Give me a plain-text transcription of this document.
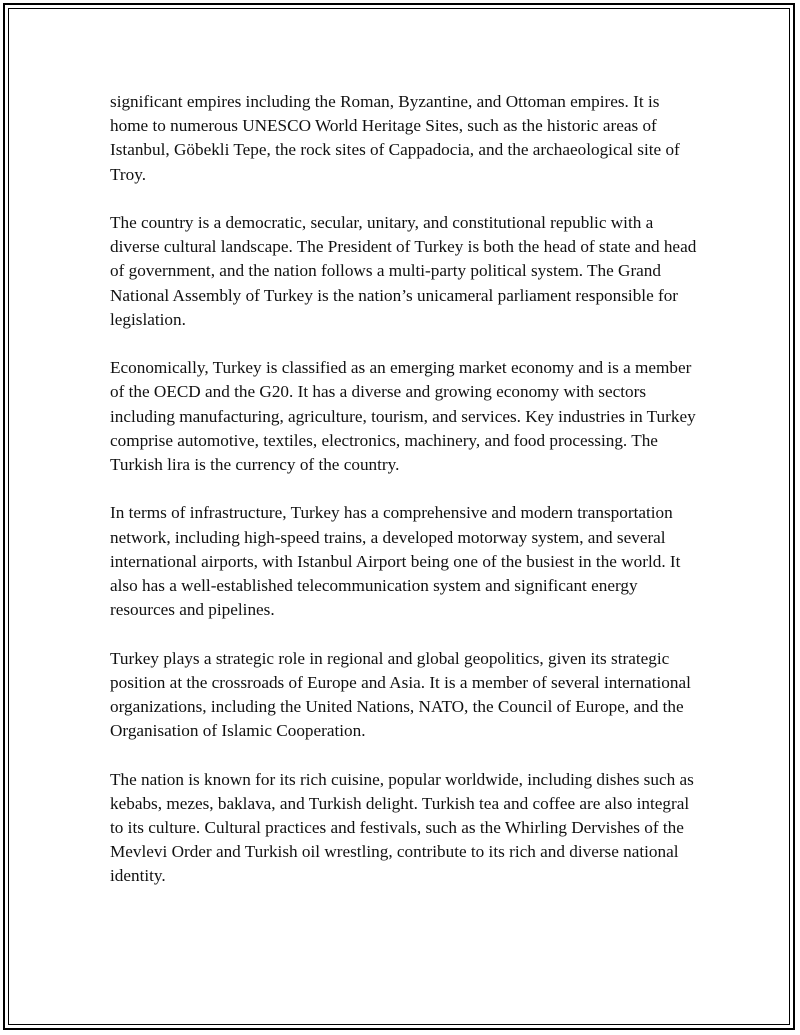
significant empires including the Roman, Byzantine, and Ottoman empires. It is home to numerous UNESCO World Heritage Sites, such as the historic areas of Istanbul, Göbekli Tepe, the rock sites of Cappadocia, and the archaeological site of Troy.

The country is a democratic, secular, unitary, and constitutional republic with a diverse cultural landscape. The President of Turkey is both the head of state and head of government, and the nation follows a multi-party political system. The Grand National Assembly of Turkey is the nation’s unicameral parliament responsible for legislation.

Economically, Turkey is classified as an emerging market economy and is a member of the OECD and the G20. It has a diverse and growing economy with sectors including manufacturing, agriculture, tourism, and services. Key industries in Turkey comprise automotive, textiles, electronics, machinery, and food processing. The Turkish lira is the currency of the country.

In terms of infrastructure, Turkey has a comprehensive and modern transportation network, including high-speed trains, a developed motorway system, and several international airports, with Istanbul Airport being one of the busiest in the world. It also has a well-established telecommunication system and significant energy resources and pipelines.

Turkey plays a strategic role in regional and global geopolitics, given its strategic position at the crossroads of Europe and Asia. It is a member of several international organizations, including the United Nations, NATO, the Council of Europe, and the Organisation of Islamic Cooperation.

The nation is known for its rich cuisine, popular worldwide, including dishes such as kebabs, mezes, baklava, and Turkish delight. Turkish tea and coffee are also integral to its culture. Cultural practices and festivals, such as the Whirling Dervishes of the Mevlevi Order and Turkish oil wrestling, contribute to its rich and diverse national identity.
